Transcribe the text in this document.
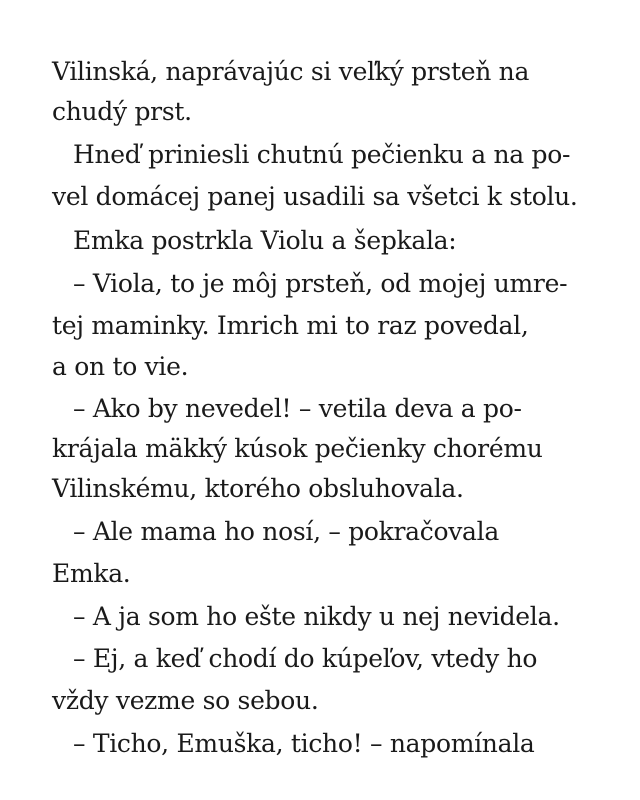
Vilinská, naprávajúc si veľký prsteň na
chudý prst.
Hneď priniesli chutnú pečienku a na po-
vel domácej panej usadili sa všetci k stolu.
Emka postrkla Violu a šepkala:
– Viola, to je môj prsteň, od mojej umre-
tej maminky. Imrich mi to raz povedal,
a on to vie.
– Ako by nevedel! – vetila deva a po-
krájala mäkký kúsok pečienky chorému
Vilinskému, ktorého obsluhovala.
– Ale mama ho nosí, – pokračovala
Emka.
– A ja som ho ešte nikdy u nej nevidela.
– Ej, a keď chodí do kúpeľov, vtedy ho
vždy vezme so sebou.
– Ticho, Emuška, ticho! – napomínala
